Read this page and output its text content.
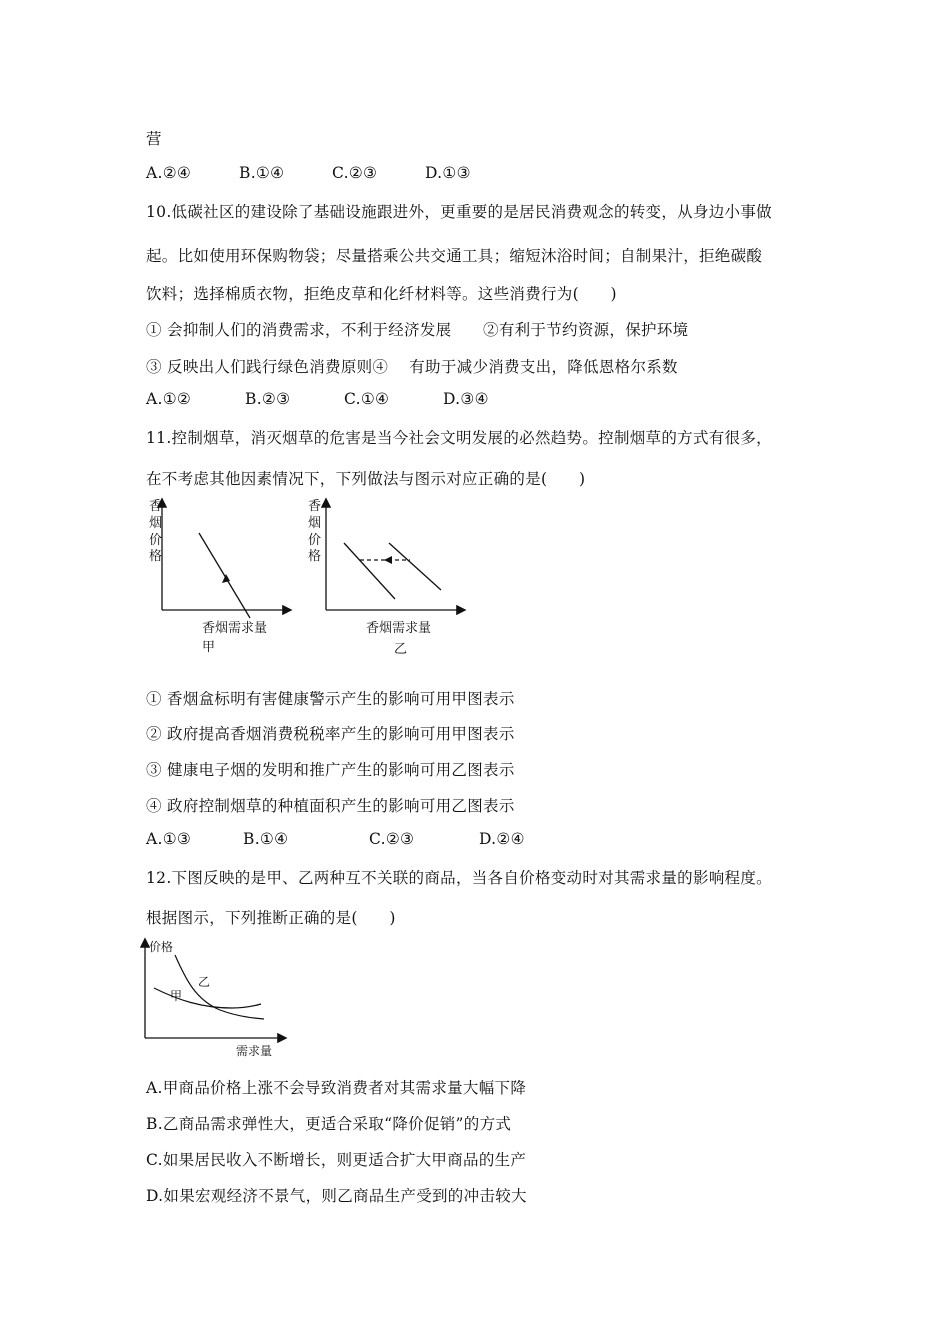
营
A.②④	B.①④	C.②③	D.①③
10.低碳社区的建设除了基础设施跟进外，更重要的是居民消费观念的转变，从身边小事做
起。比如使用环保购物袋；尽量搭乘公共交通工具；缩短沐浴时间；自制果汁，拒绝碳酸
饮料；选择棉质衣物，拒绝皮草和化纤材料等。这些消费行为(　　)
① 会抑制人们的消费需求，不利于经济发展　　②有利于节约资源，保护环境
③ 反映出人们践行绿色消费原则④　 有助于减少消费支出，降低恩格尔系数
A.①②	B.②③	C.①④	D.③④
11.控制烟草，消灭烟草的危害是当今社会文明发展的必然趋势。控制烟草的方式有很多，
在不考虑其他因素情况下，下列做法与图示对应正确的是(　　)
香
烟
价
格
香烟需求量
甲
香
烟
价
格
香烟需求量
乙
① 香烟盒标明有害健康警示产生的影响可用甲图表示
② 政府提高香烟消费税税率产生的影响可用甲图表示
③ 健康电子烟的发明和推广产生的影响可用乙图表示
④ 政府控制烟草的种植面积产生的影响可用乙图表示
A.①③	B.①④	C.②③	D.②④
12.下图反映的是甲、乙两种互不关联的商品，当各自价格变动时对其需求量的影响程度。
根据图示，下列推断正确的是(　　)
价格
乙
甲
需求量
A.甲商品价格上涨不会导致消费者对其需求量大幅下降
B.乙商品需求弹性大，更适合采取“降价促销”的方式
C.如果居民收入不断增长，则更适合扩大甲商品的生产
D.如果宏观经济不景气，则乙商品生产受到的冲击较大
